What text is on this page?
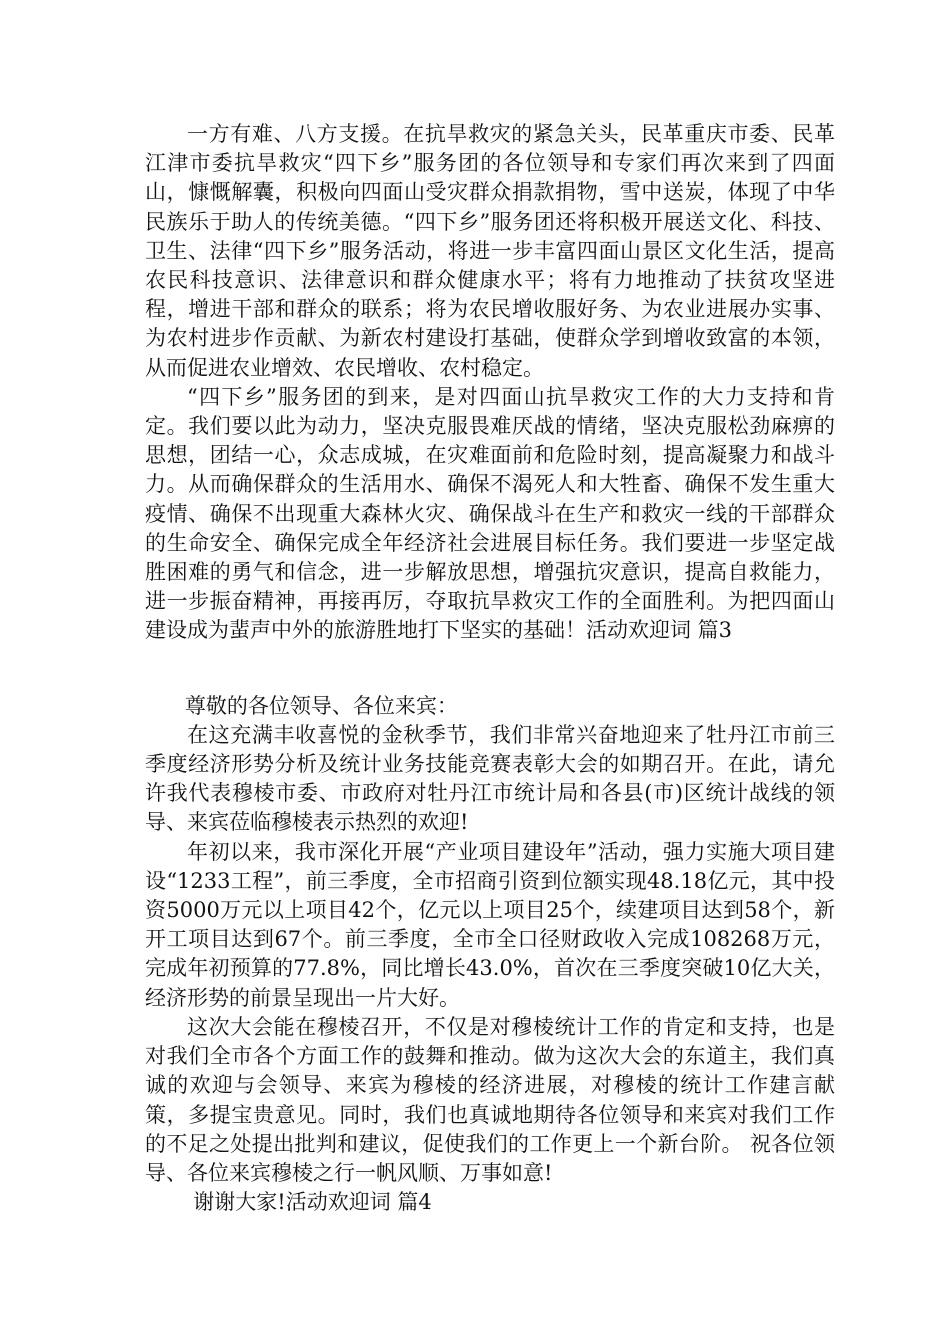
一方有难、八方支援。在抗旱救灾的紧急关头，民革重庆市委、民革江津市委抗旱救灾“四下乡”服务团的各位领导和专家们再次来到了四面山，慷慨解囊，积极向四面山受灾群众捐款捐物，雪中送炭，体现了中华民族乐于助人的传统美德。“四下乡”服务团还将积极开展送文化、科技、卫生、法律“四下乡”服务活动，将进一步丰富四面山景区文化生活，提高农民科技意识、法律意识和群众健康水平；将有力地推动了扶贫攻坚进程，增进干部和群众的联系；将为农民增收服好务、为农业进展办实事、为农村进步作贡献、为新农村建设打基础，使群众学到增收致富的本领，从而促进农业增效、农民增收、农村稳定。

“四下乡”服务团的到来，是对四面山抗旱救灾工作的大力支持和肯定。我们要以此为动力，坚决克服畏难厌战的情绪，坚决克服松劲麻痹的思想，团结一心，众志成城，在灾难面前和危险时刻，提高凝聚力和战斗力。从而确保群众的生活用水、确保不渴死人和大牲畜、确保不发生重大疫情、确保不出现重大森林火灾、确保战斗在生产和救灾一线的干部群众的生命安全、确保完成全年经济社会进展目标任务。我们要进一步坚定战胜困难的勇气和信念，进一步解放思想，增强抗灾意识，提高自救能力，进一步振奋精神，再接再厉，夺取抗旱救灾工作的全面胜利。为把四面山建设成为蜚声中外的旅游胜地打下坚实的基础！活动欢迎词 篇3

尊敬的各位领导、各位来宾：

在这充满丰收喜悦的金秋季节，我们非常兴奋地迎来了牡丹江市前三季度经济形势分析及统计业务技能竞赛表彰大会的如期召开。在此，请允许我代表穆棱市委、市政府对牡丹江市统计局和各县(市)区统计战线的领导、来宾莅临穆棱表示热烈的欢迎!

年初以来，我市深化开展“产业项目建设年”活动，强力实施大项目建设“1233工程”，前三季度，全市招商引资到位额实现48.18亿元，其中投资5000万元以上项目42个，亿元以上项目25个，续建项目达到58个，新开工项目达到67个。前三季度，全市全口径财政收入完成108268万元，完成年初预算的77.8%，同比增长43.0%，首次在三季度突破10亿大关，经济形势的前景呈现出一片大好。

这次大会能在穆棱召开，不仅是对穆棱统计工作的肯定和支持，也是对我们全市各个方面工作的鼓舞和推动。做为这次大会的东道主，我们真诚的欢迎与会领导、来宾为穆棱的经济进展，对穆棱的统计工作建言献策，多提宝贵意见。同时，我们也真诚地期待各位领导和来宾对我们工作的不足之处提出批判和建议，促使我们的工作更上一个新台阶。 祝各位领导、各位来宾穆棱之行一帆风顺、万事如意!

谢谢大家!活动欢迎词 篇4
